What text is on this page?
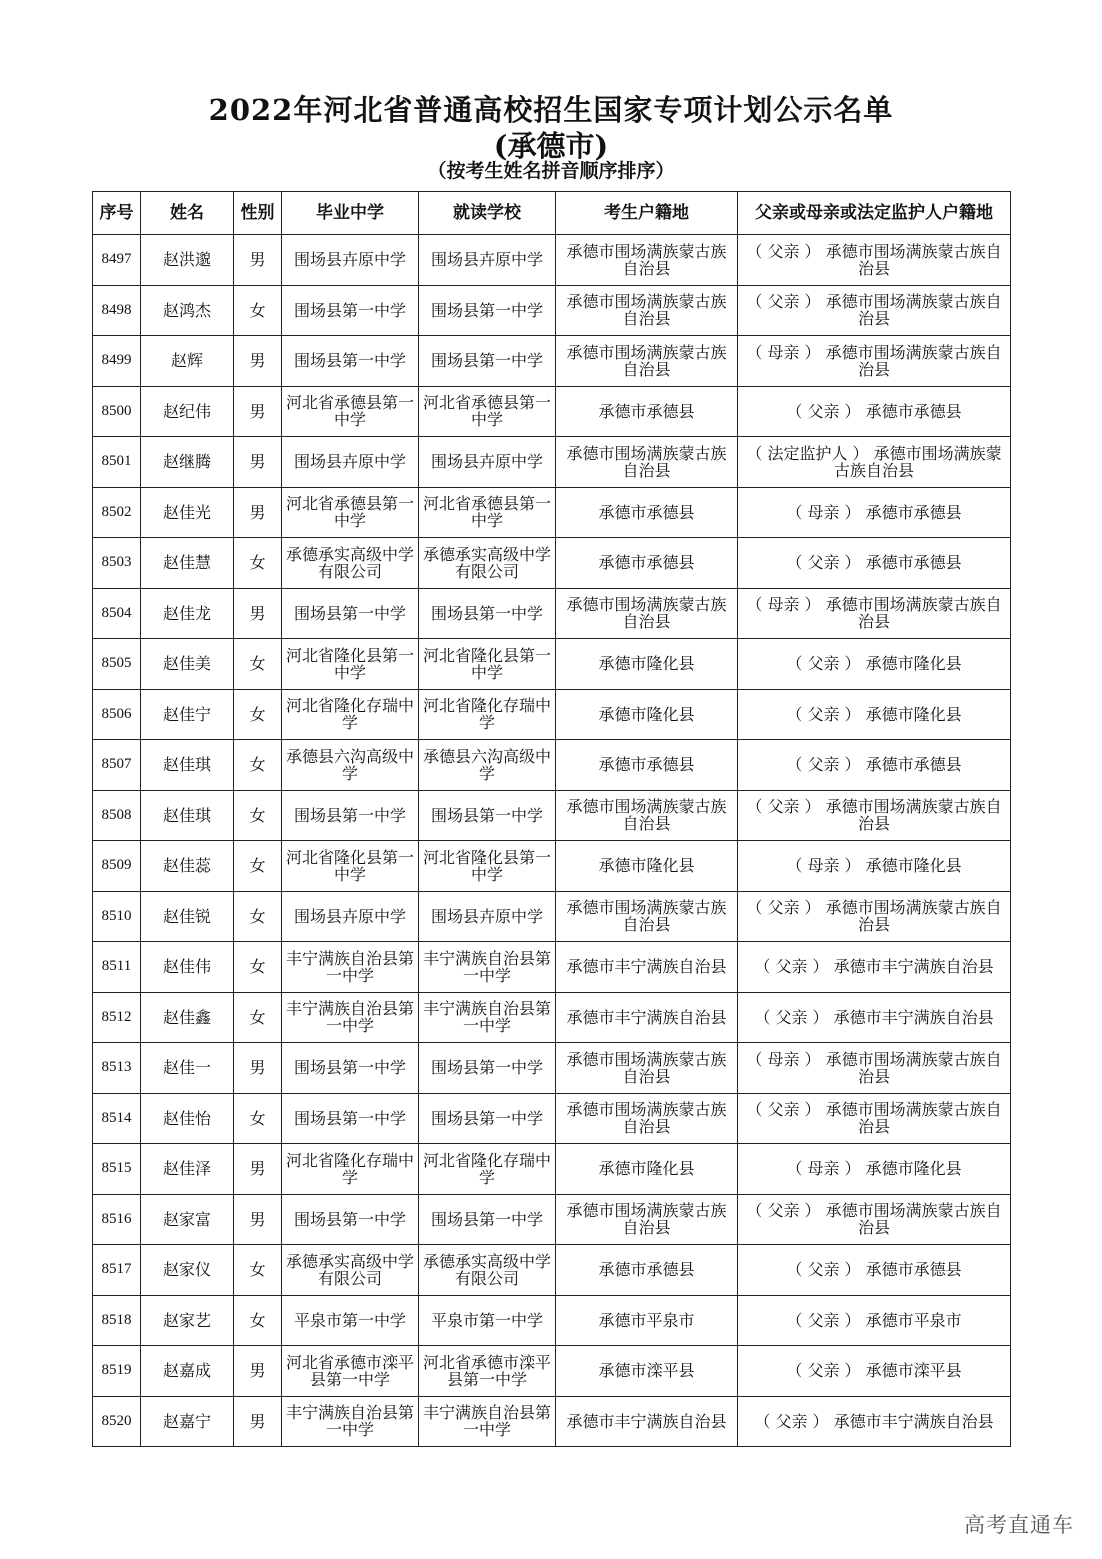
2022年河北省普通高校招生国家专项计划公示名单
(承德市)
（按考生姓名拼音顺序排序）
序号	姓名	性别	毕业中学	就读学校	考生户籍地	父亲或母亲或法定监护人户籍地
8497	赵洪邈	男	围场县卉原中学	围场县卉原中学	承德市围场满族蒙古族自治县	（ 父亲 ） 承德市围场满族蒙古族自治县
8498	赵鸿杰	女	围场县第一中学	围场县第一中学	承德市围场满族蒙古族自治县	（ 父亲 ） 承德市围场满族蒙古族自治县
8499	赵辉	男	围场县第一中学	围场县第一中学	承德市围场满族蒙古族自治县	（ 母亲 ） 承德市围场满族蒙古族自治县
8500	赵纪伟	男	河北省承德县第一中学	河北省承德县第一中学	承德市承德县	（ 父亲 ） 承德市承德县
8501	赵继腾	男	围场县卉原中学	围场县卉原中学	承德市围场满族蒙古族自治县	（ 法定监护人 ） 承德市围场满族蒙古族自治县
8502	赵佳光	男	河北省承德县第一中学	河北省承德县第一中学	承德市承德县	（ 母亲 ） 承德市承德县
8503	赵佳慧	女	承德承实高级中学有限公司	承德承实高级中学有限公司	承德市承德县	（ 父亲 ） 承德市承德县
8504	赵佳龙	男	围场县第一中学	围场县第一中学	承德市围场满族蒙古族自治县	（ 母亲 ） 承德市围场满族蒙古族自治县
8505	赵佳美	女	河北省隆化县第一中学	河北省隆化县第一中学	承德市隆化县	（ 父亲 ） 承德市隆化县
8506	赵佳宁	女	河北省隆化存瑞中学	河北省隆化存瑞中学	承德市隆化县	（ 父亲 ） 承德市隆化县
8507	赵佳琪	女	承德县六沟高级中学	承德县六沟高级中学	承德市承德县	（ 父亲 ） 承德市承德县
8508	赵佳琪	女	围场县第一中学	围场县第一中学	承德市围场满族蒙古族自治县	（ 父亲 ） 承德市围场满族蒙古族自治县
8509	赵佳蕊	女	河北省隆化县第一中学	河北省隆化县第一中学	承德市隆化县	（ 母亲 ） 承德市隆化县
8510	赵佳锐	女	围场县卉原中学	围场县卉原中学	承德市围场满族蒙古族自治县	（ 父亲 ） 承德市围场满族蒙古族自治县
8511	赵佳伟	女	丰宁满族自治县第一中学	丰宁满族自治县第一中学	承德市丰宁满族自治县	（ 父亲 ） 承德市丰宁满族自治县
8512	赵佳鑫	女	丰宁满族自治县第一中学	丰宁满族自治县第一中学	承德市丰宁满族自治县	（ 父亲 ） 承德市丰宁满族自治县
8513	赵佳一	男	围场县第一中学	围场县第一中学	承德市围场满族蒙古族自治县	（ 母亲 ） 承德市围场满族蒙古族自治县
8514	赵佳怡	女	围场县第一中学	围场县第一中学	承德市围场满族蒙古族自治县	（ 父亲 ） 承德市围场满族蒙古族自治县
8515	赵佳泽	男	河北省隆化存瑞中学	河北省隆化存瑞中学	承德市隆化县	（ 母亲 ） 承德市隆化县
8516	赵家富	男	围场县第一中学	围场县第一中学	承德市围场满族蒙古族自治县	（ 父亲 ） 承德市围场满族蒙古族自治县
8517	赵家仪	女	承德承实高级中学有限公司	承德承实高级中学有限公司	承德市承德县	（ 父亲 ） 承德市承德县
8518	赵家艺	女	平泉市第一中学	平泉市第一中学	承德市平泉市	（ 父亲 ） 承德市平泉市
8519	赵嘉成	男	河北省承德市滦平县第一中学	河北省承德市滦平县第一中学	承德市滦平县	（ 父亲 ） 承德市滦平县
8520	赵嘉宁	男	丰宁满族自治县第一中学	丰宁满族自治县第一中学	承德市丰宁满族自治县	（ 父亲 ） 承德市丰宁满族自治县
高考直通车
